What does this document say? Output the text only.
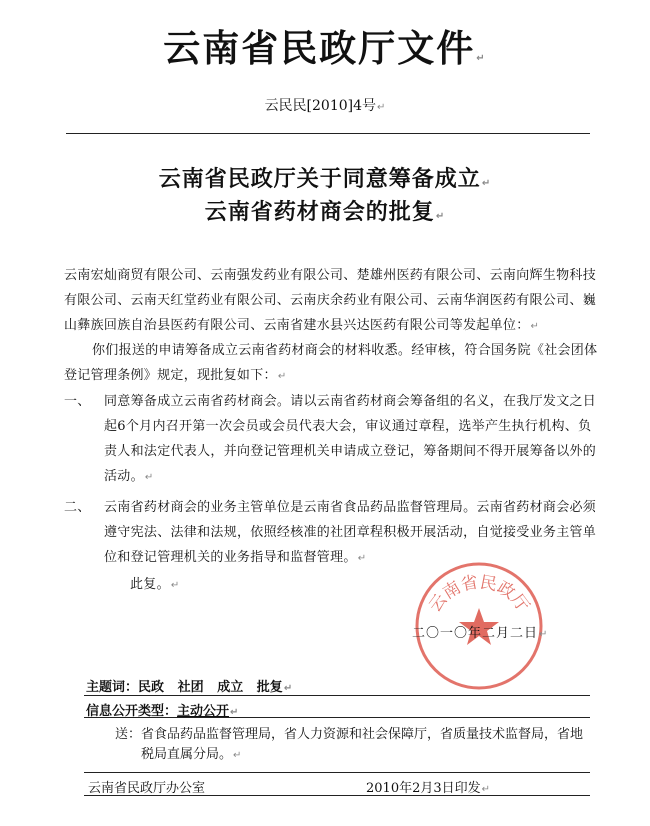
云南省民政厅文件↵
云民民[2010]4号↵
云南省民政厅关于同意筹备成立↵
云南省药材商会的批复↵
云南宏灿商贸有限公司、云南强发药业有限公司、楚雄州医药有限公司、云南向辉生物科技
有限公司、云南天红堂药业有限公司、云南庆余药业有限公司、云南华润医药有限公司、巍
山彝族回族自治县医药有限公司、云南省建水县兴达医药有限公司等发起单位：↵
你们报送的申请筹备成立云南省药材商会的材料收悉。经审核，符合国务院《社会团体
登记管理条例》规定，现批复如下：↵
一、 同意筹备成立云南省药材商会。请以云南省药材商会筹备组的名义，在我厅发文之日
起6个月内召开第一次会员或会员代表大会，审议通过章程，选举产生执行机构、负
责人和法定代表人，并向登记管理机关申请成立登记，筹备期间不得开展筹备以外的
活动。↵
二、 云南省药材商会的业务主管单位是云南省食品药品监督管理局。云南省药材商会必须
遵守宪法、法律和法规，依照经核准的社团章程积极开展活动，自觉接受业务主管单
位和登记管理机关的业务指导和监督管理。↵
此复。↵
云南省民政厅
二〇一〇年二月二日↵
主题词：民政 社团 成立 批复↵
信息公开类型：主动公开↵
送：省食品药品监督管理局，省人力资源和社会保障厅，省质量技术监督局，省地
税局直属分局。↵
云南省民政厅办公室	2010年2月3日印发↵
